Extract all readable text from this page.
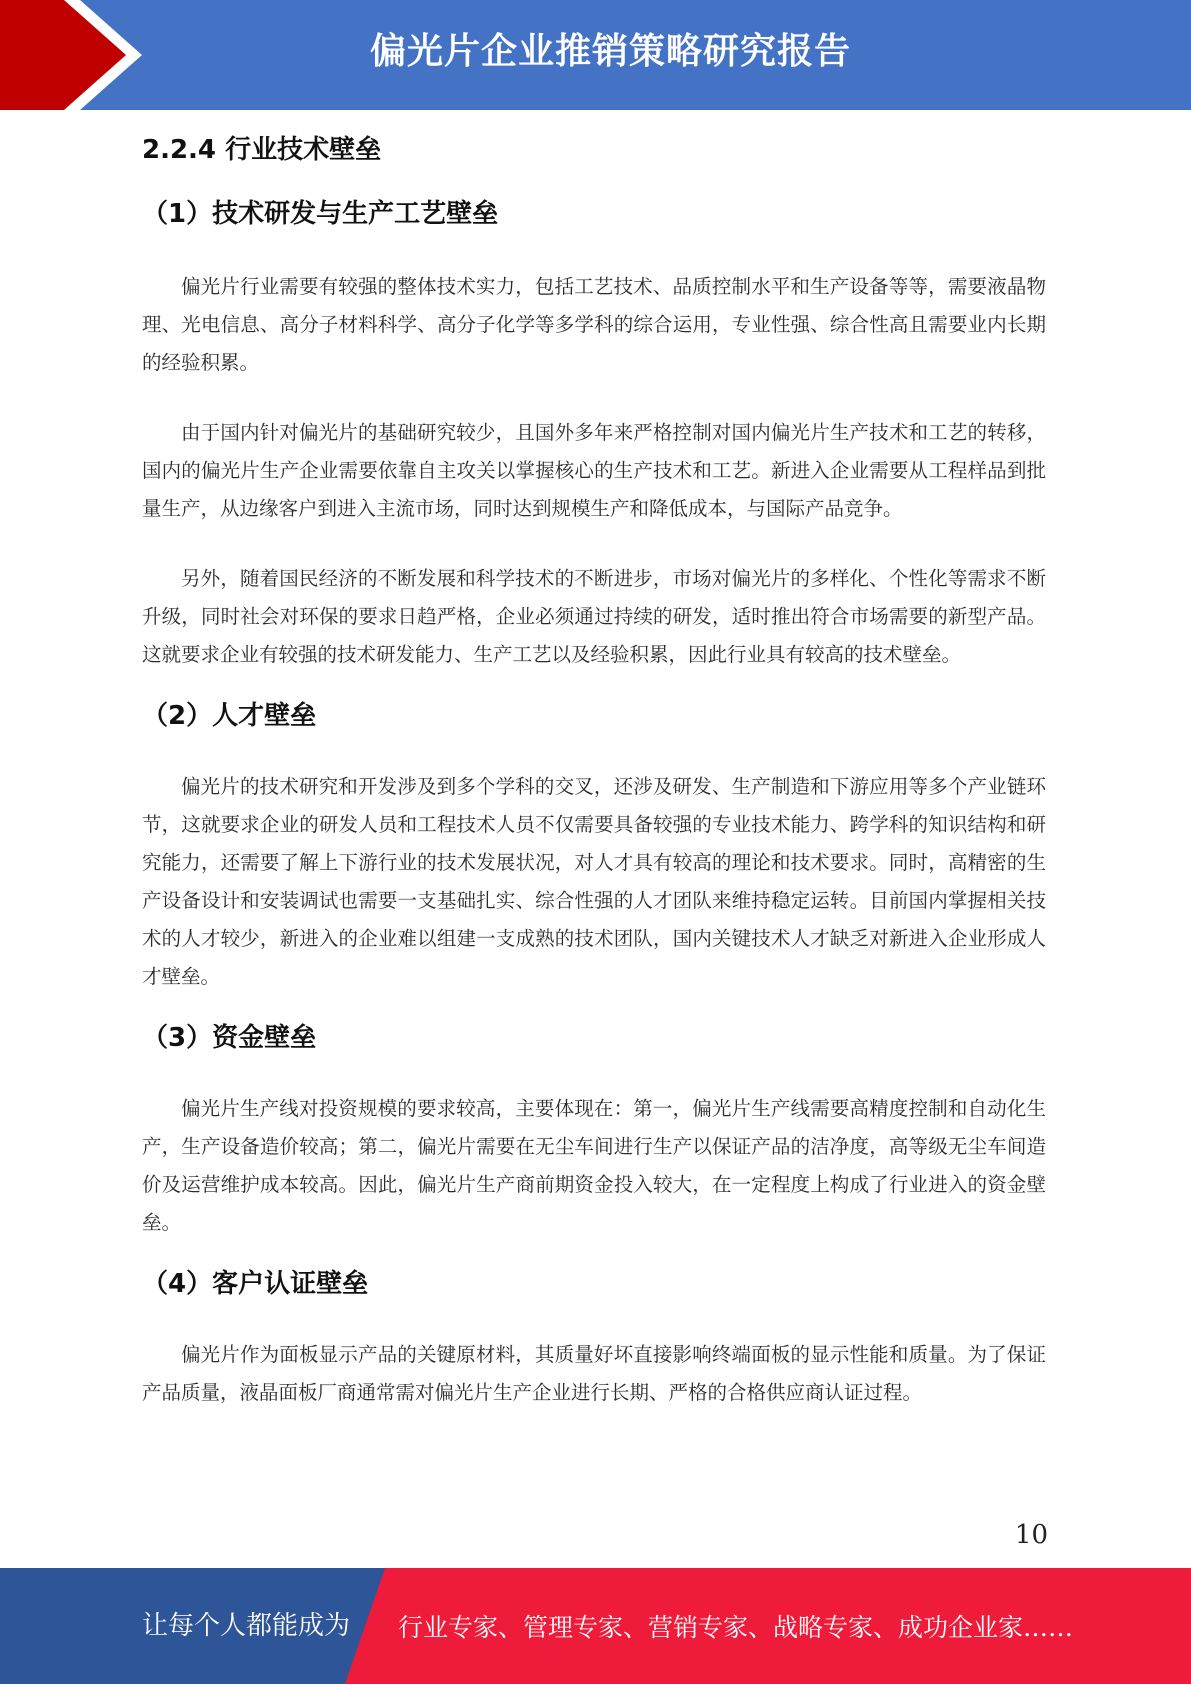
偏光片企业推销策略研究报告
2.2.4 行业技术壁垒
（1）技术研发与生产工艺壁垒

偏光片行业需要有较强的整体技术实力，包括工艺技术、品质控制水平和生产设备等等，需要液晶物理、光电信息、高分子材料科学、高分子化学等多学科的综合运用，专业性强、综合性高且需要业内长期的经验积累。

由于国内针对偏光片的基础研究较少，且国外多年来严格控制对国内偏光片生产技术和工艺的转移，国内的偏光片生产企业需要依靠自主攻关以掌握核心的生产技术和工艺。新进入企业需要从工程样品到批量生产，从边缘客户到进入主流市场，同时达到规模生产和降低成本，与国际产品竞争。

另外，随着国民经济的不断发展和科学技术的不断进步，市场对偏光片的多样化、个性化等需求不断升级，同时社会对环保的要求日趋严格，企业必须通过持续的研发，适时推出符合市场需要的新型产品。这就要求企业有较强的技术研发能力、生产工艺以及经验积累，因此行业具有较高的技术壁垒。

（2）人才壁垒

偏光片的技术研究和开发涉及到多个学科的交叉，还涉及研发、生产制造和下游应用等多个产业链环节，这就要求企业的研发人员和工程技术人员不仅需要具备较强的专业技术能力、跨学科的知识结构和研究能力，还需要了解上下游行业的技术发展状况，对人才具有较高的理论和技术要求。同时，高精密的生产设备设计和安装调试也需要一支基础扎实、综合性强的人才团队来维持稳定运转。目前国内掌握相关技术的人才较少，新进入的企业难以组建一支成熟的技术团队，国内关键技术人才缺乏对新进入企业形成人才壁垒。

（3）资金壁垒

偏光片生产线对投资规模的要求较高，主要体现在：第一，偏光片生产线需要高精度控制和自动化生产，生产设备造价较高；第二，偏光片需要在无尘车间进行生产以保证产品的洁净度，高等级无尘车间造价及运营维护成本较高。因此，偏光片生产商前期资金投入较大，在一定程度上构成了行业进入的资金壁垒。

（4）客户认证壁垒

偏光片作为面板显示产品的关键原材料，其质量好坏直接影响终端面板的显示性能和质量。为了保证产品质量，液晶面板厂商通常需对偏光片生产企业进行长期、严格的合格供应商认证过程。

10
让每个人都能成为 行业专家、管理专家、营销专家、战略专家、成功企业家……
